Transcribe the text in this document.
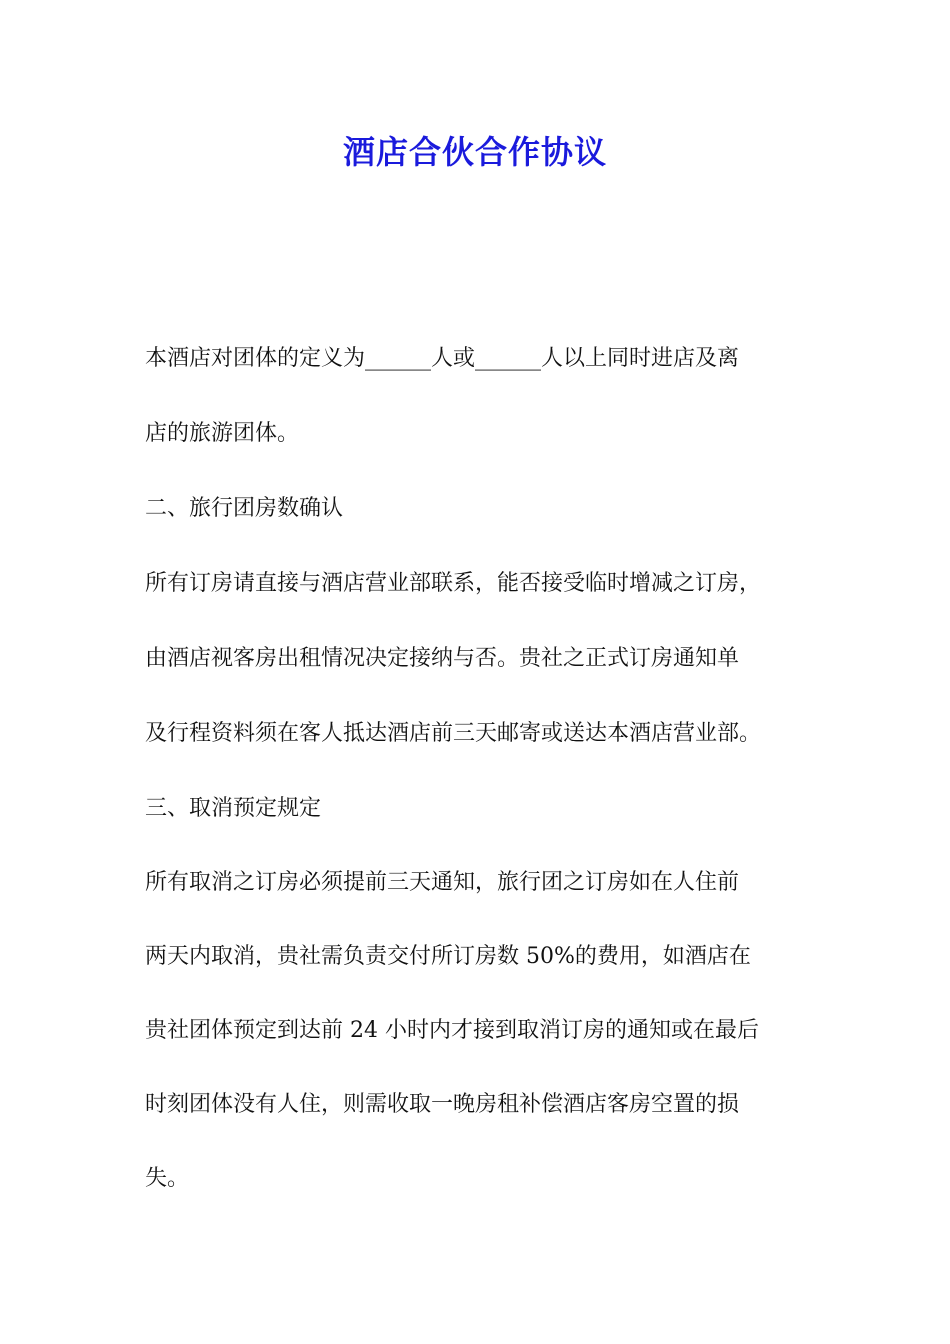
酒店合伙合作协议
本酒店对团体的定义为______人或______人以上同时进店及离
店的旅游团体。
二、旅行团房数确认
所有订房请直接与酒店营业部联系，能否接受临时增减之订房，
由酒店视客房出租情况决定接纳与否。贵社之正式订房通知单
及行程资料须在客人抵达酒店前三天邮寄或送达本酒店营业部。
三、取消预定规定
所有取消之订房必须提前三天通知，旅行团之订房如在人住前
两天内取消，贵社需负责交付所订房数 50%的费用，如酒店在
贵社团体预定到达前 24 小时内才接到取消订房的通知或在最后
时刻团体没有人住，则需收取一晚房租补偿酒店客房空置的损
失。
